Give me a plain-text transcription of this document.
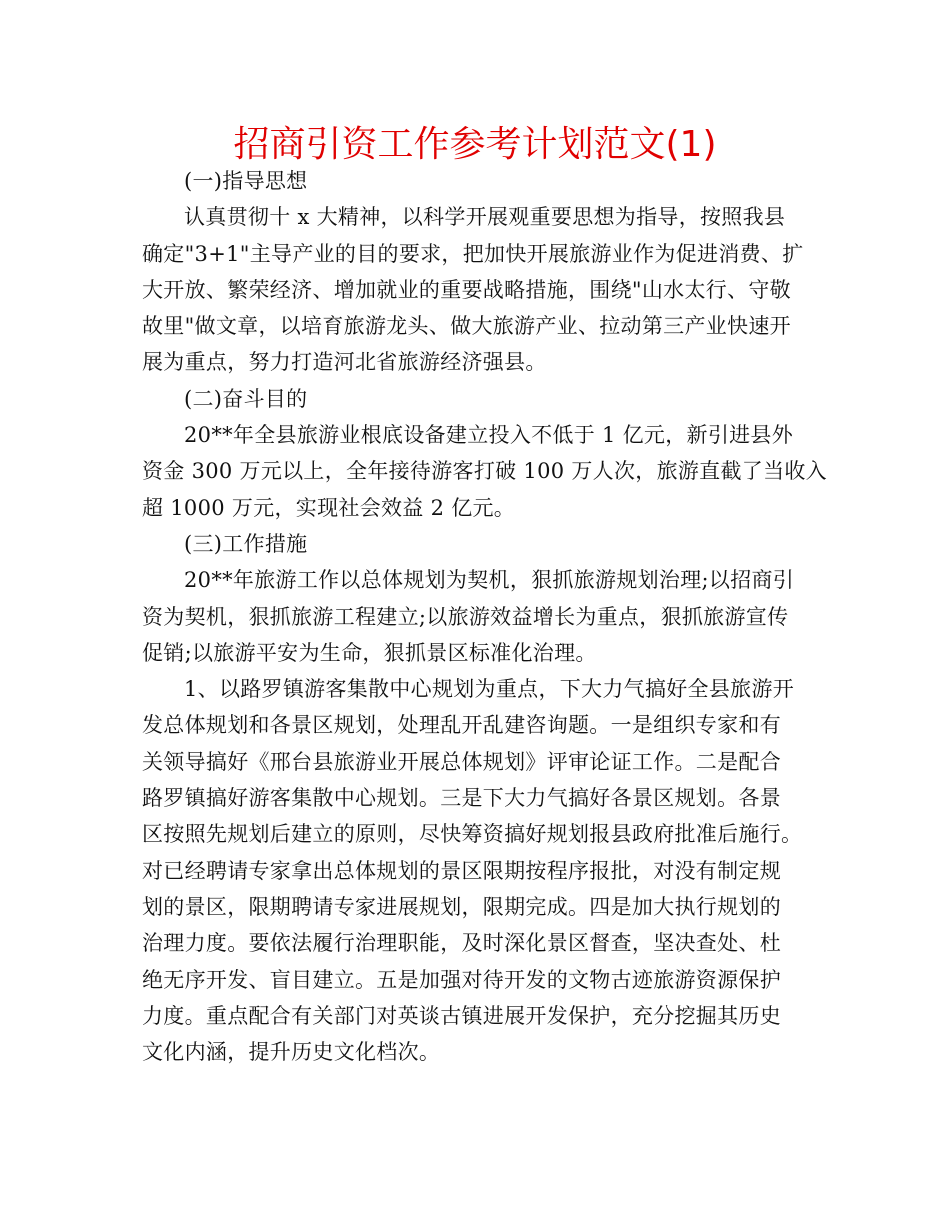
招商引资工作参考计划范文(1)
(一)指导思想
认真贯彻十 x 大精神，以科学开展观重要思想为指导，按照我县
确定"3+1"主导产业的目的要求，把加快开展旅游业作为促进消费、扩
大开放、繁荣经济、增加就业的重要战略措施，围绕"山水太行、守敬
故里"做文章，以培育旅游龙头、做大旅游产业、拉动第三产业快速开
展为重点，努力打造河北省旅游经济强县。
(二)奋斗目的
20**年全县旅游业根底设备建立投入不低于 1 亿元，新引进县外
资金 300 万元以上，全年接待游客打破 100 万人次，旅游直截了当收入
超 1000 万元，实现社会效益 2 亿元。
(三)工作措施
20**年旅游工作以总体规划为契机，狠抓旅游规划治理;以招商引
资为契机，狠抓旅游工程建立;以旅游效益增长为重点，狠抓旅游宣传
促销;以旅游平安为生命，狠抓景区标准化治理。
1、以路罗镇游客集散中心规划为重点，下大力气搞好全县旅游开
发总体规划和各景区规划，处理乱开乱建咨询题。一是组织专家和有
关领导搞好《邢台县旅游业开展总体规划》评审论证工作。二是配合
路罗镇搞好游客集散中心规划。三是下大力气搞好各景区规划。各景
区按照先规划后建立的原则，尽快筹资搞好规划报县政府批准后施行。
对已经聘请专家拿出总体规划的景区限期按程序报批，对没有制定规
划的景区，限期聘请专家进展规划，限期完成。四是加大执行规划的
治理力度。要依法履行治理职能，及时深化景区督查，坚决查处、杜
绝无序开发、盲目建立。五是加强对待开发的文物古迹旅游资源保护
力度。重点配合有关部门对英谈古镇进展开发保护，充分挖掘其历史
文化内涵，提升历史文化档次。
